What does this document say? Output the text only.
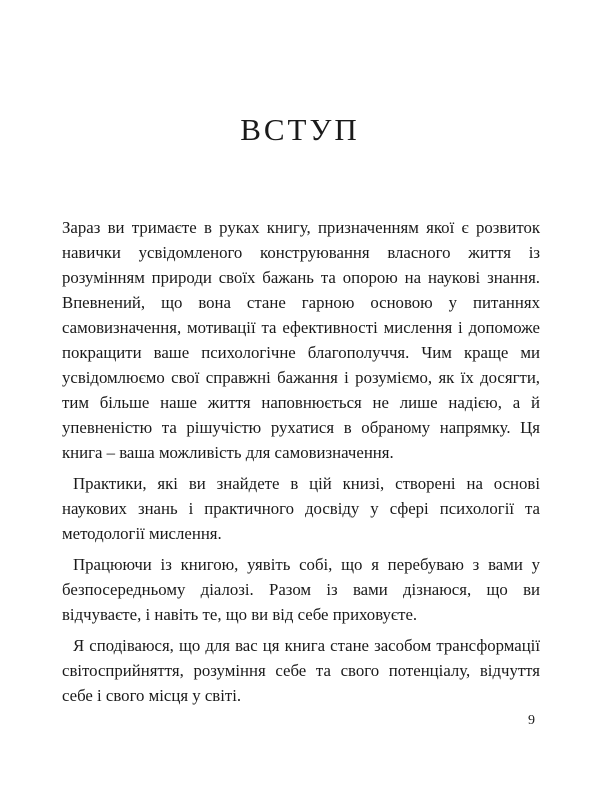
ВСТУП

Зараз ви тримаєте в руках книгу, призначенням якої є розвиток навички усвідомленого конструювання власного життя із розумінням природи своїх бажань та опорою на наукові знання. Впевнений, що вона стане гарною основою у питаннях самовизначення, мотивації та ефективності мислення і допоможе покращити ваше психологічне благополуччя. Чим краще ми усвідомлюємо свої справжні бажання і розуміємо, як їх досягти, тим більше наше життя наповнюється не лише надією, а й упевненістю та рішучістю рухатися в обраному напрямку. Ця книга – ваша можливість для самовизначення.

Практики, які ви знайдете в цій книзі, створені на основі наукових знань і практичного досвіду у сфері психології та методології мислення.

Працюючи із книгою, уявіть собі, що я перебуваю з вами у безпосередньому діалозі. Разом із вами дізнаюся, що ви відчуваєте, і навіть те, що ви від себе приховуєте.

Я сподіваюся, що для вас ця книга стане засобом трансформації світосприйняття, розуміння себе та свого потенціалу, відчуття себе і свого місця у світі.

9
